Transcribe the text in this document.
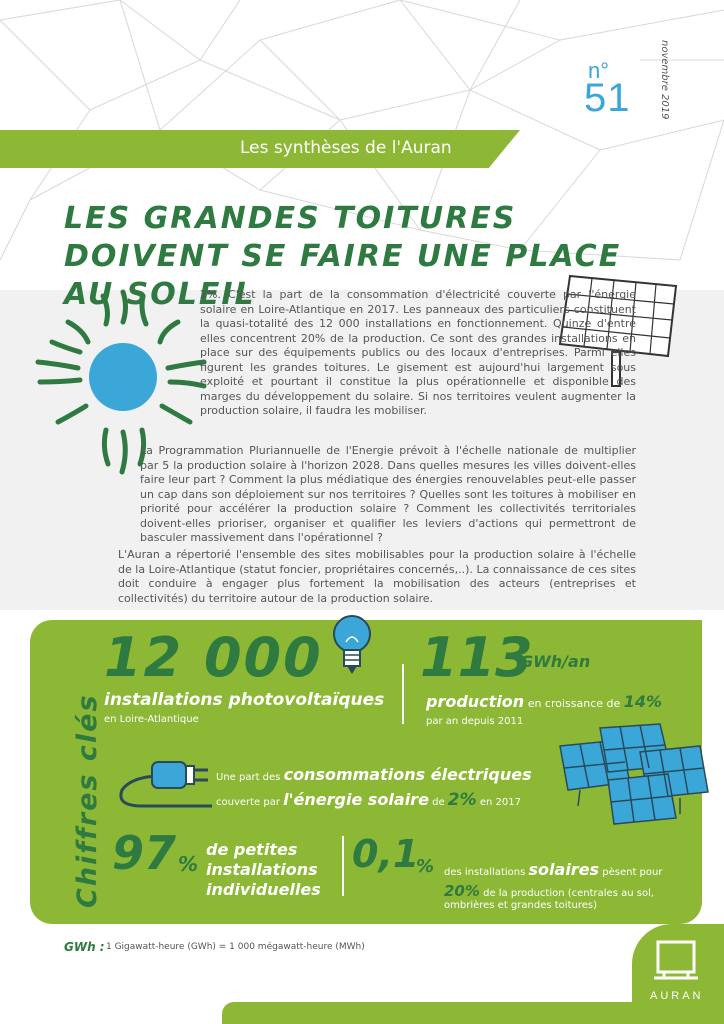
n°
51	novembre 2019
Les synthèses de l'Auran
LES GRANDES TOITURES DOIVENT SE FAIRE UNE PLACE AU SOLEIL
2%. C'est la part de la consommation d'électricité couverte par l'énergie solaire en Loire-Atlantique en 2017. Les panneaux des particuliers constituent la quasi-totalité des 12 000 installations en fonctionnement. Quinze d'entre elles concentrent 20% de la production. Ce sont des grandes installations en place sur des équipements publics ou des locaux d'entreprises. Parmi elles figurent les grandes toitures. Le gisement est aujourd'hui largement sous exploité et pourtant il constitue la plus opérationnelle et disponible des marges du développement du solaire. Si nos territoires veulent augmenter la production solaire, il faudra les mobiliser.
La Programmation Pluriannuelle de l'Energie prévoit à l'échelle nationale de multiplier par 5 la production solaire à l'horizon 2028. Dans quelles mesures les villes doivent-elles faire leur part ? Comment la plus médiatique des énergies renouvelables peut-elle passer un cap dans son déploiement sur nos territoires ? Quelles sont les toitures à mobiliser en priorité pour accélérer la production solaire ? Comment les collectivités territoriales doivent-elles prioriser, organiser et qualifier les leviers d'actions qui permettront de basculer massivement dans l'opérationnel ?
L'Auran a répertorié l'ensemble des sites mobilisables pour la production solaire à l'échelle de la Loire-Atlantique (statut foncier, propriétaires concernés,..). La connaissance de ces sites doit conduire à engager plus fortement la mobilisation des acteurs (entreprises et collectivités) du territoire autour de la production solaire.
Chiffres clés
12 000
installations photovoltaïques
en Loire-Atlantique
113
GWh/an
production en croissance de 14%
par an depuis 2011
Une part des consommations électriques
couverte par l'énergie solaire de 2% en 2017
97 %
de petites
installations
individuelles
0,1
% des installations solaires pèsent pour
20% de la production (centrales au sol,
ombrières et grandes toitures)
GWh : 1 Gigawatt-heure (GWh) = 1 000 mégawatt-heure (MWh)
AURAN
